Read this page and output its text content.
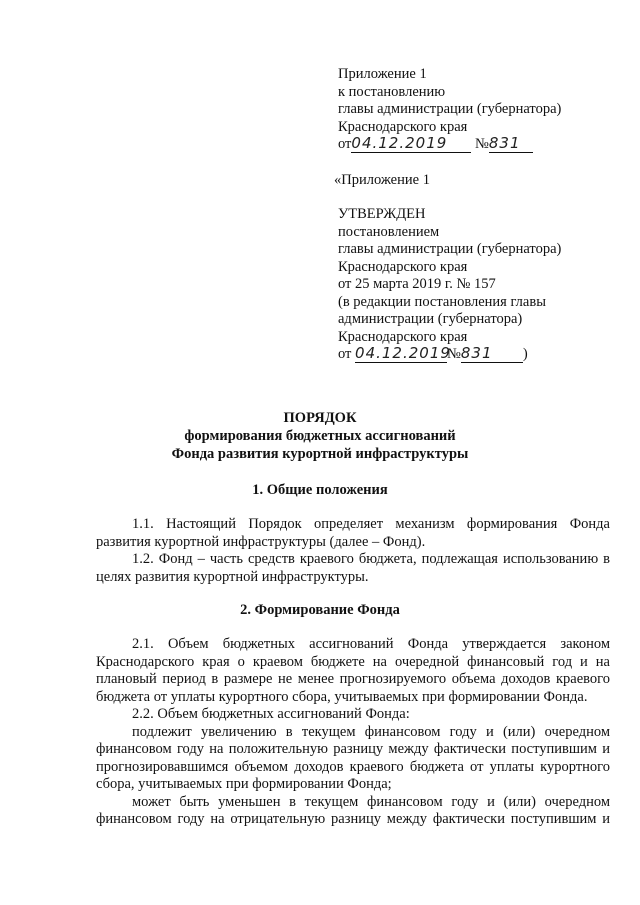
Приложение 1
к постановлению
главы администрации (губернатора)
Краснодарского края
от04.12.2019 №831
«Приложение 1
УТВЕРЖДЕН
постановлением
главы администрации (губернатора)
Краснодарского края
от 25 марта 2019 г. № 157
(в редакции постановления главы
администрации (губернатора)
Краснодарского края
от 04.12.2019№831 )
ПОРЯДОК
формирования бюджетных ассигнований
Фонда развития курортной инфраструктуры
1. Общие положения

1.1. Настоящий Порядок определяет механизм формирования Фонда развития курортной инфраструктуры (далее – Фонд).

1.2. Фонд – часть средств краевого бюджета, подлежащая использованию в целях развития курортной инфраструктуры.

2. Формирование Фонда

2.1. Объем бюджетных ассигнований Фонда утверждается законом Краснодарского края о краевом бюджете на очередной финансовый год и на плановый период в размере не менее прогнозируемого объема доходов краевого бюджета от уплаты курортного сбора, учитываемых при формировании Фонда.

2.2. Объем бюджетных ассигнований Фонда:

подлежит увеличению в текущем финансовом году и (или) очередном финансовом году на положительную разницу между фактически поступившим и прогнозировавшимся объемом доходов краевого бюджета от уплаты курортного сбора, учитываемых при формировании Фонда;

может быть уменьшен в текущем финансовом году и (или) очередном финансовом году на отрицательную разницу между фактически поступившим и
